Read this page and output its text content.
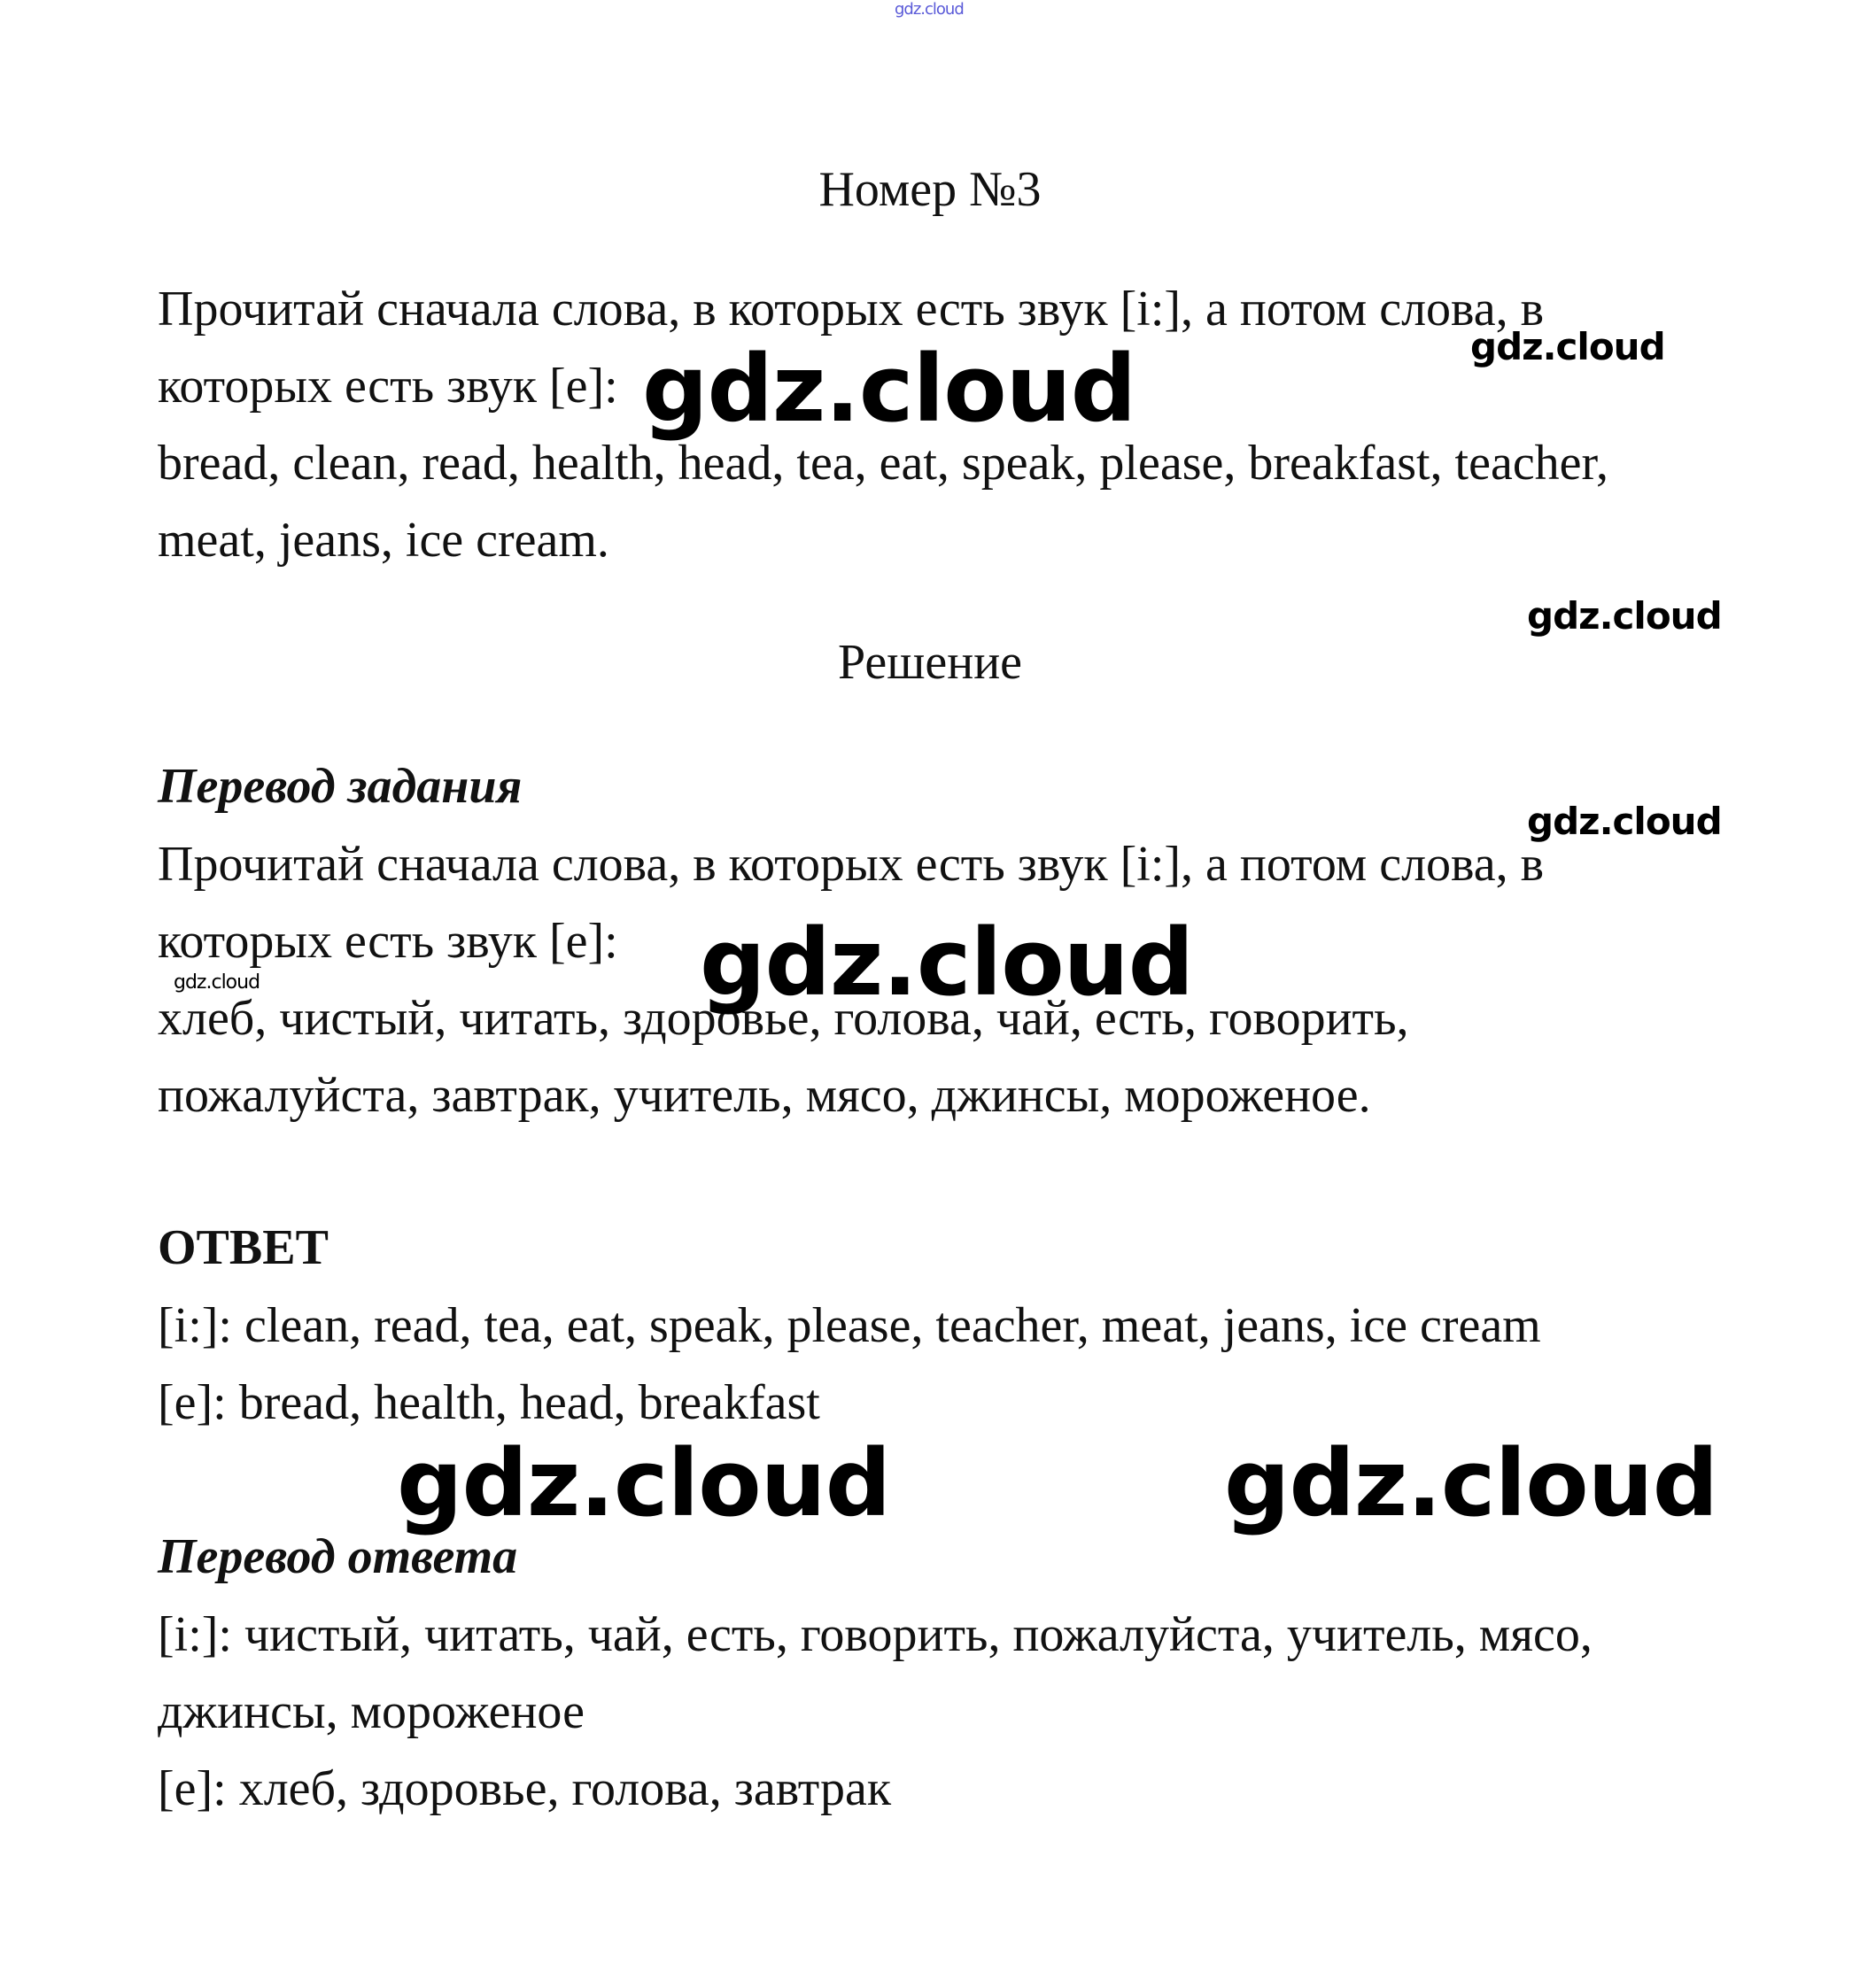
gdz.cloud
Номер №3
Прочитай сначала слова, в которых есть звук [i:], а потом слова, в
которых есть звук [e]:
bread, clean, read, health, head, tea, eat, speak, please, breakfast, teacher,
meat, jeans, ice cream.
Решение
Перевод задания
Прочитай сначала слова, в которых есть звук [i:], а потом слова, в
которых есть звук [e]:
хлеб, чистый, читать, здоровье, голова, чай, есть, говорить,
пожалуйста, завтрак, учитель, мясо, джинсы, мороженое.
ОТВЕТ
[i:]: clean, read, tea, eat, speak, please, teacher, meat, jeans, ice cream
[e]: bread, health, head, breakfast
Перевод ответа
[i:]: чистый, читать, чай, есть, говорить, пожалуйста, учитель, мясо,
джинсы, мороженое
[e]: хлеб, здоровье, голова, завтрак
gdz.cloud
gdz.cloud
gdz.cloud
gdz.cloud
gdz.cloud
gdz.cloud
gdz.cloud	gdz.cloud
